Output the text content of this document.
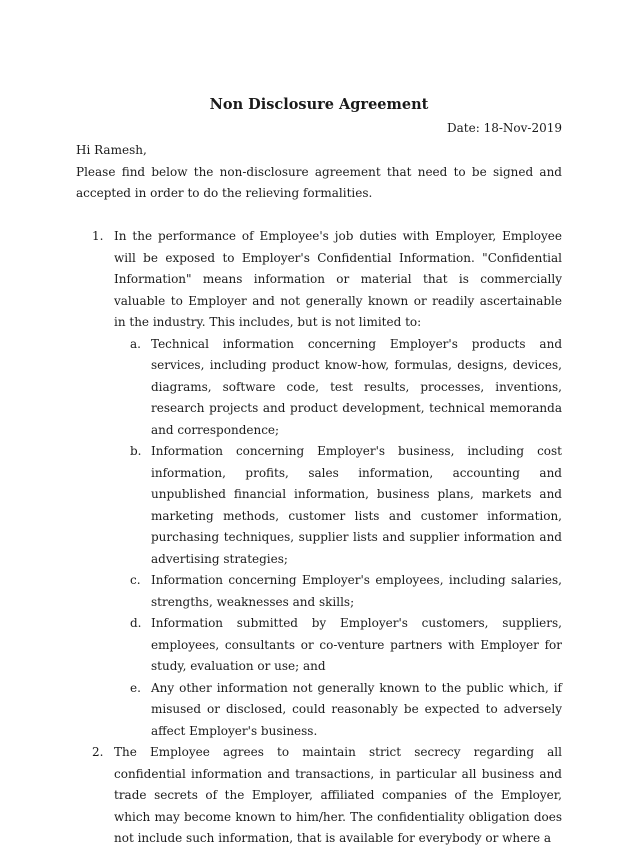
Non Disclosure Agreement
Date: 18-Nov-2019

Hi Ramesh,

Please find below the non-disclosure agreement that need to be signed and accepted in order to do the relieving formalities.

1. In the performance of Employee's job duties with Employer, Employee will be exposed to Employer's Confidential Information. "Confidential Information" means information or material that is commercially valuable to Employer and not generally known or readily ascertainable in the industry. This includes, but is not limited to:
a. Technical information concerning Employer's products and services, including product know-how, formulas, designs, devices, diagrams, software code, test results, processes, inventions, research projects and product development, technical memoranda and correspondence;
b. Information concerning Employer's business, including cost information, profits, sales information, accounting and unpublished financial information, business plans, markets and marketing methods, customer lists and customer information, purchasing techniques, supplier lists and supplier information and advertising strategies;
c. Information concerning Employer's employees, including salaries, strengths, weaknesses and skills;
d. Information submitted by Employer's customers, suppliers, employees, consultants or co-venture partners with Employer for study, evaluation or use; and
e. Any other information not generally known to the public which, if misused or disclosed, could reasonably be expected to adversely affect Employer's business.
2. The Employee agrees to maintain strict secrecy regarding all confidential information and transactions, in particular all business and trade secrets of the Employer, affiliated companies of the Employer, which may become known to him/her. The confidentiality obligation does not include such information, that is available for everybody or where a
